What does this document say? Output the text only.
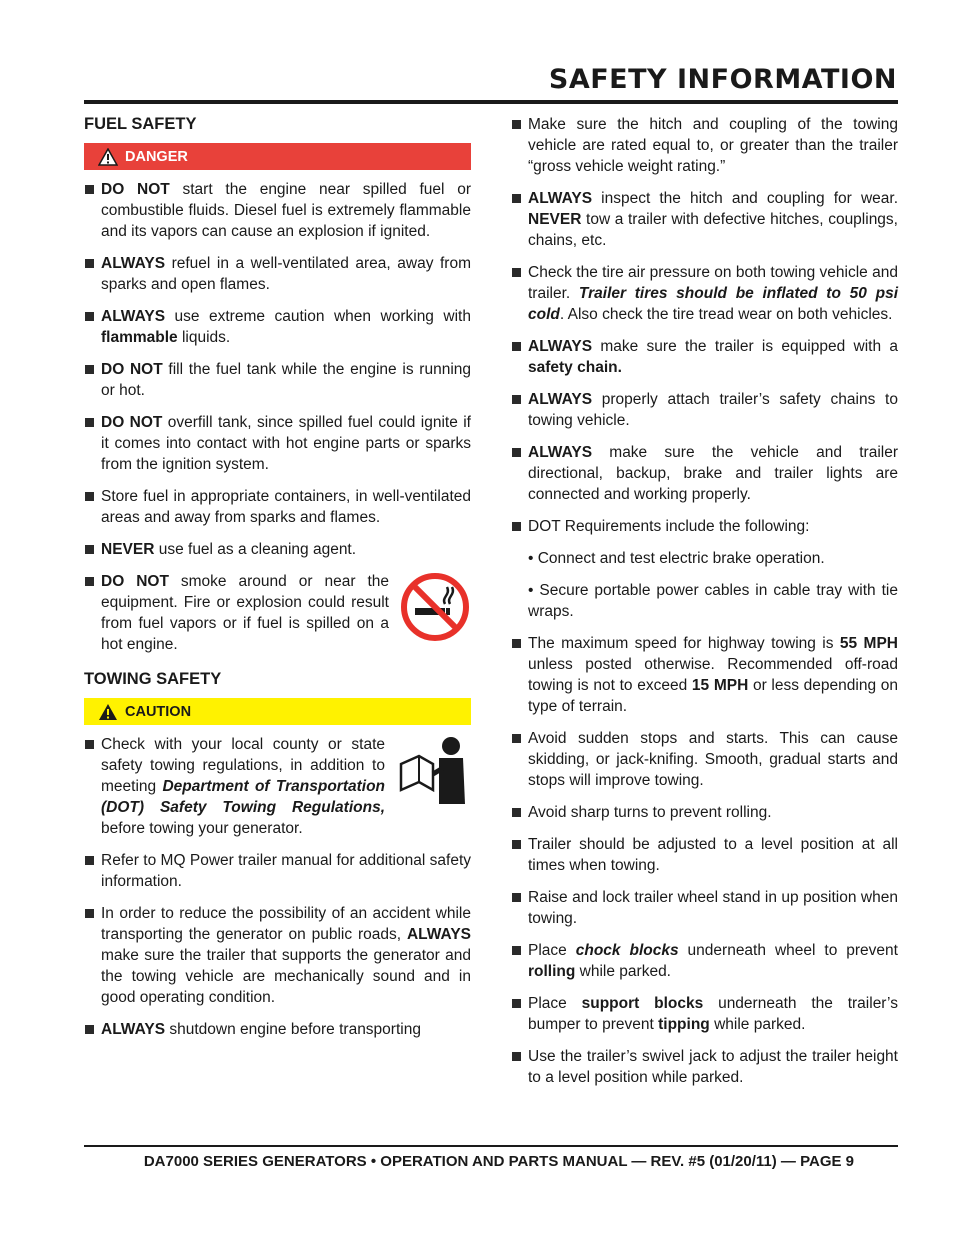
SAFETY INFORMATION
FUEL SAFETY
DANGER
DO NOT start the engine near spilled fuel or combustible fluids. Diesel fuel is extremely flammable and its vapors can cause an explosion if ignited.
ALWAYS refuel in a well-ventilated area, away from sparks and open flames.
ALWAYS use extreme caution when working with flammable liquids.
DO NOT fill the fuel tank while the engine is running or hot.
DO NOT overfill tank, since spilled fuel could ignite if it comes into contact with hot engine parts or sparks from the ignition system.
Store fuel in appropriate containers, in well-ventilated areas and away from sparks and flames.
NEVER use fuel as a cleaning agent.
DO NOT smoke around or near the equipment. Fire or explosion could result from fuel vapors or if fuel is spilled on a hot engine.
TOWING SAFETY
CAUTION
Check with your local county or state safety towing regulations, in addition to meeting Department of Transportation (DOT) Safety Towing Regulations, before towing your generator.
Refer to MQ Power trailer manual for additional safety information.
In order to reduce the possibility of an accident while transporting the generator on public roads, ALWAYS make sure the trailer that supports the generator and the towing vehicle are mechanically sound and in good operating condition.
ALWAYS shutdown engine before transporting
Make sure the hitch and coupling of the towing vehicle are rated equal to, or greater than the trailer “gross vehicle weight rating.”
ALWAYS inspect the hitch and coupling for wear. NEVER tow a trailer with defective hitches, couplings, chains, etc.
Check the tire air pressure on both towing vehicle and trailer. Trailer tires should be inflated to 50 psi cold. Also check the tire tread wear on both vehicles.
ALWAYS make sure the trailer is equipped with a safety chain.
ALWAYS properly attach trailer’s safety chains to towing vehicle.
ALWAYS make sure the vehicle and trailer directional, backup, brake and trailer lights are connected and working properly.
DOT Requirements include the following:
• Connect and test electric brake operation.
• Secure portable power cables in cable tray with tie wraps.
The maximum speed for highway towing is 55 MPH unless posted otherwise. Recommended off-road towing is not to exceed 15 MPH or less depending on type of terrain.
Avoid sudden stops and starts. This can cause skidding, or jack-knifing. Smooth, gradual starts and stops will improve towing.
Avoid sharp turns to prevent rolling.
Trailer should be adjusted to a level position at all times when towing.
Raise and lock trailer wheel stand in up position when towing.
Place chock blocks underneath wheel to prevent rolling while parked.
Place support blocks underneath the trailer’s bumper to prevent tipping while parked.
Use the trailer’s swivel jack to adjust the trailer height to a level position while parked.

DA7000 SERIES GENERATORS • OPERATION AND PARTS MANUAL — REV. #5 (01/20/11) — PAGE 9
